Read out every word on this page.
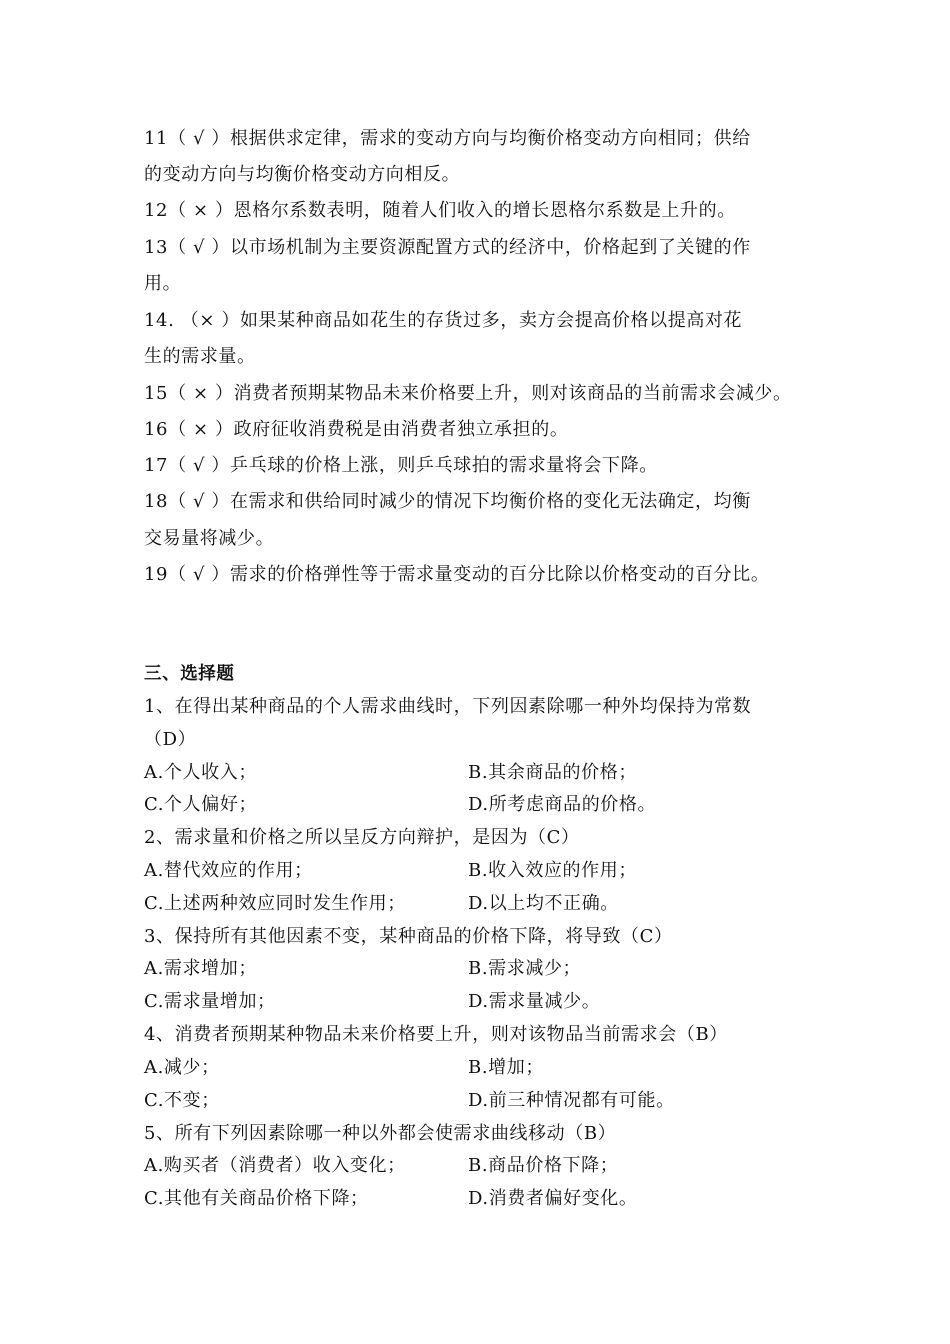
11（ √ ）根据供求定律，需求的变动方向与均衡价格变动方向相同；供给
的变动方向与均衡价格变动方向相反。
12（ × ）恩格尔系数表明，随着人们收入的增长恩格尔系数是上升的。
13（ √ ）以市场机制为主要资源配置方式的经济中，价格起到了关键的作
用。
14. （× ）如果某种商品如花生的存货过多，卖方会提高价格以提高对花
生的需求量。
15（ × ）消费者预期某物品未来价格要上升，则对该商品的当前需求会减少。
16（ × ）政府征收消费税是由消费者独立承担的。
17（ √ ）乒乓球的价格上涨，则乒乓球拍的需求量将会下降。
18（ √ ）在需求和供给同时减少的情况下均衡价格的变化无法确定，均衡
交易量将减少。
19（ √ ）需求的价格弹性等于需求量变动的百分比除以价格变动的百分比。
三、选择题
1、在得出某种商品的个人需求曲线时，下列因素除哪一种外均保持为常数
（D）
A.个人收入；	B.其余商品的价格；
C.个人偏好；	D.所考虑商品的价格。
2、需求量和价格之所以呈反方向辩护，是因为（C）
A.替代效应的作用；	B.收入效应的作用；
C.上述两种效应同时发生作用；	D.以上均不正确。
3、保持所有其他因素不变，某种商品的价格下降，将导致（C）
A.需求增加；	B.需求减少；
C.需求量增加；	D.需求量减少。
4、消费者预期某种物品未来价格要上升，则对该物品当前需求会（B）
A.减少；	B.增加；
C.不变；	D.前三种情况都有可能。
5、所有下列因素除哪一种以外都会使需求曲线移动（B）
A.购买者（消费者）收入变化；	B.商品价格下降；
C.其他有关商品价格下降；	D.消费者偏好变化。
